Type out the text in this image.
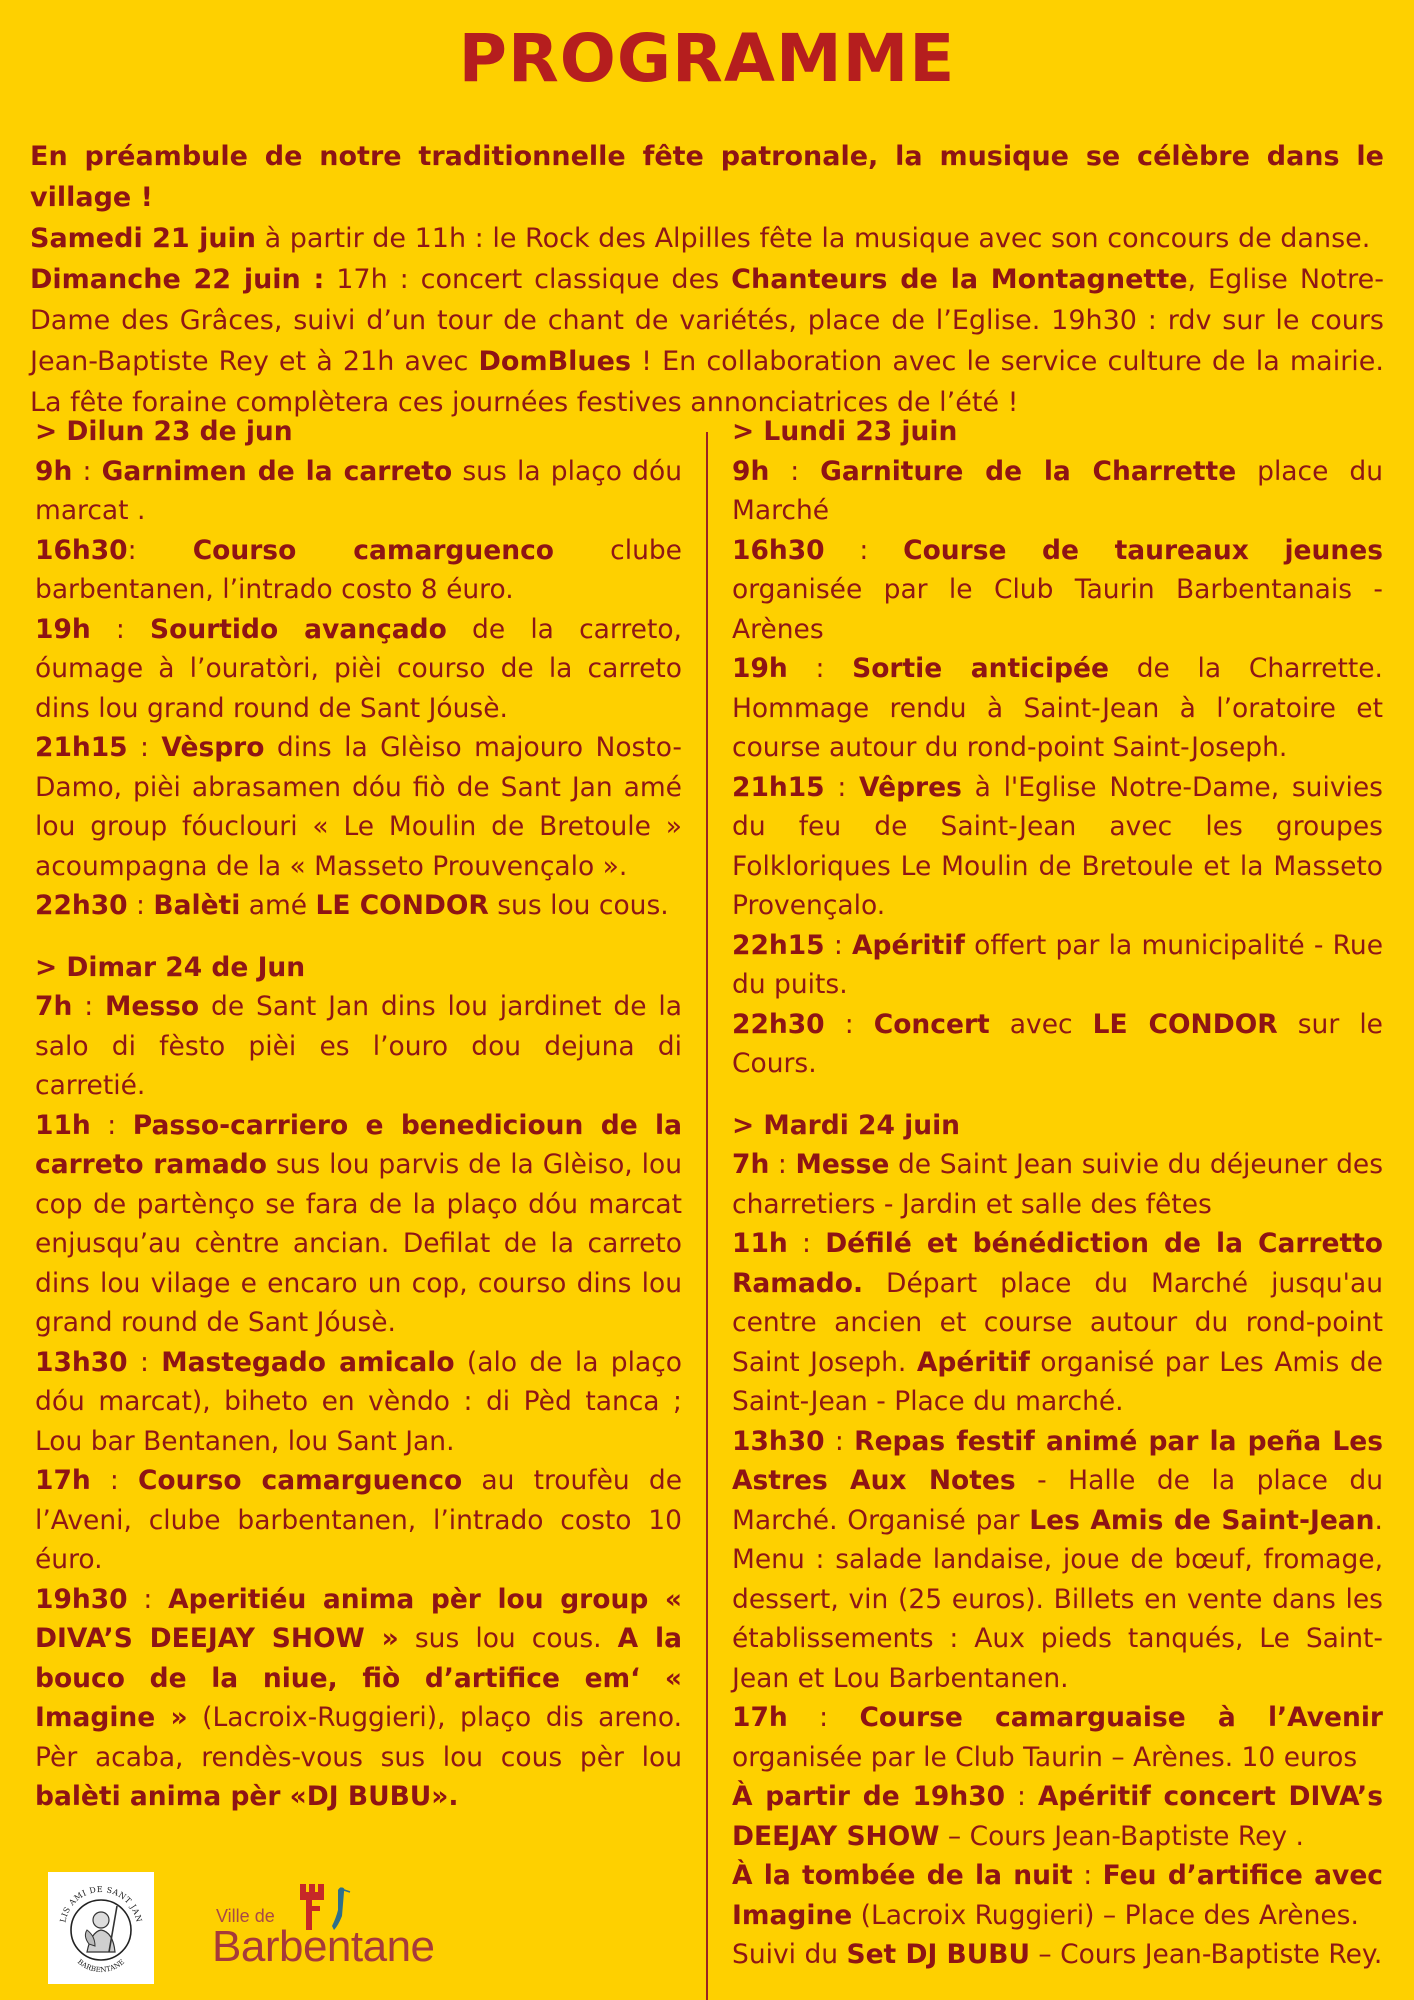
PROGRAMME

En préambule de notre traditionnelle fête patronale, la musique se célèbre dans le village !

Samedi 21 juin à partir de 11h : le Rock des Alpilles fête la musique avec son concours de danse.

Dimanche 22 juin : 17h : concert classique des Chanteurs de la Montagnette, Eglise Notre-Dame des Grâces, suivi d’un tour de chant de variétés, place de l’Eglise. 19h30 : rdv sur le cours Jean-Baptiste Rey et à 21h avec DomBlues ! En collaboration avec le service culture de la mairie. La fête foraine complètera ces journées festives annonciatrices de l’été !

> Dilun 23 de jun

9h : Garnimen de la carreto sus la plaço dóu marcat .

16h30: Courso camarguenco clube barbentanen, l’intrado costo 8 éuro.

19h : Sourtido avançado de la carreto, óumage à l’ouratòri, pièi courso de la carreto dins lou grand round de Sant Jóusè.

21h15 : Vèspro dins la Glèiso majouro Nosto-Damo, pièi abrasamen dóu fiò de Sant Jan amé lou group fóuclouri « Le Moulin de Bretoule » acoumpagna de la « Masseto Prouvençalo ».

22h30 : Balèti amé LE CONDOR sus lou cous.

> Dimar 24 de Jun

7h : Messo de Sant Jan dins lou jardinet de la salo di fèsto pièi es l’ouro dou dejuna di carretié.

11h : Passo-carriero e benedicioun de la carreto ramado sus lou parvis de la Glèiso, lou cop de partènço se fara de la plaço dóu marcat enjusqu’au cèntre ancian. Defilat de la carreto dins lou vilage e encaro un cop, courso dins lou grand round de Sant Jóusè.

13h30 : Mastegado amicalo (alo de la plaço dóu marcat), biheto en vèndo : di Pèd tanca ; Lou bar Bentanen, lou Sant Jan.

17h : Courso camarguenco au troufèu de l’Aveni, clube barbentanen, l’intrado costo 10 éuro.

19h30 : Aperitiéu anima pèr lou group « DIVA’S DEEJAY SHOW » sus lou cous. A la bouco de la niue, fiò d’artifice em‘ « Imagine » (Lacroix-Ruggieri), plaço dis areno. Pèr acaba, rendès-vous sus lou cous pèr lou balèti anima pèr «DJ BUBU».

> Lundi 23 juin

9h : Garniture de la Charrette place du Marché

16h30 : Course de taureaux jeunes organisée par le Club Taurin Barbentanais - Arènes

19h : Sortie anticipée de la Charrette. Hommage rendu à Saint-Jean à l’oratoire et course autour du rond-point Saint-Joseph.

21h15 : Vêpres à l'Eglise Notre-Dame, suivies du feu de Saint-Jean avec les groupes Folkloriques Le Moulin de Bretoule et la Masseto Provençalo.

22h15 : Apéritif offert par la municipalité - Rue du puits.

22h30 : Concert avec LE CONDOR sur le Cours.

> Mardi 24 juin

7h : Messe de Saint Jean suivie du déjeuner des charretiers - Jardin et salle des fêtes

11h : Défilé et bénédiction de la Carretto Ramado. Départ place du Marché jusqu'au centre ancien et course autour du rond-point Saint Joseph. Apéritif organisé par Les Amis de Saint-Jean - Place du marché.

13h30 : Repas festif animé par la peña Les Astres Aux Notes - Halle de la place du Marché. Organisé par Les Amis de Saint-Jean. Menu : salade landaise, joue de bœuf, fromage, dessert, vin (25 euros). Billets en vente dans les établissements : Aux pieds tanqués, Le Saint-Jean et Lou Barbentanen.

17h : Course camarguaise à l’Avenir organisée par le Club Taurin – Arènes. 10 euros

À partir de 19h30 : Apéritif concert DIVA’s DEEJAY SHOW – Cours Jean-Baptiste Rey .

À la tombée de la nuit : Feu d’artifice avec Imagine (Lacroix Ruggieri) – Place des Arènes.

Suivi du Set DJ BUBU – Cours Jean-Baptiste Rey.

LIS AMI DE SANT JAN
BARBENTANE
Ville de
Barbentane
